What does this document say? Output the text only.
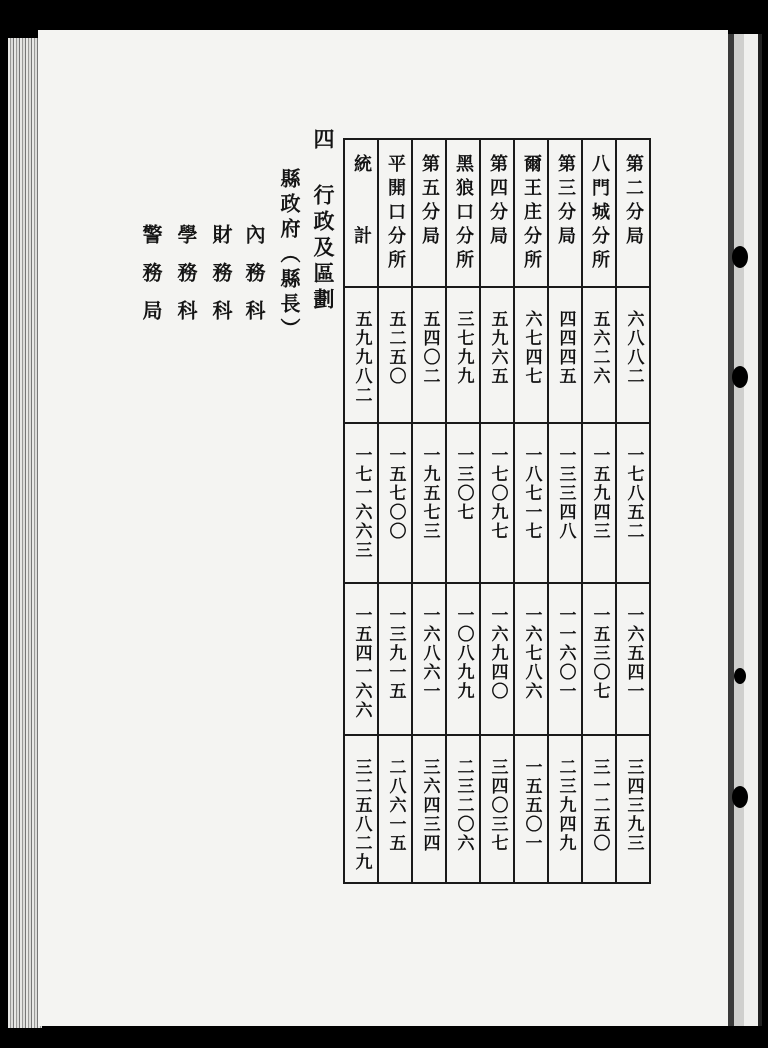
四 行政及區劃
縣政府（縣長）
內務科
財務科
學務科
警務局
統　　計	平開口分所	第五分局	黑狼口分所	第四分局	爾王庄分所	第三分局	八門城分所	第二分局
五九九八二	五二五〇	五四〇二	三七九九	五九六五	六七四七	四四四五	五六二六	六八八二
一七一六六三	一五七〇〇	一九五七三	一三〇七	一七〇九七	一八七一七	一三三四八	一五九四三	一七八五二
一五四一六六	一三九一五	一六八六一	一〇八九九	一六九四〇	一六七八六	一一六〇一	一五三〇七	一六五四一
三二五八二九	二八六一五	三六四三四	二三二〇六	三四〇三七	一五五〇一	二三九四九	三一二五〇	三四三九三
